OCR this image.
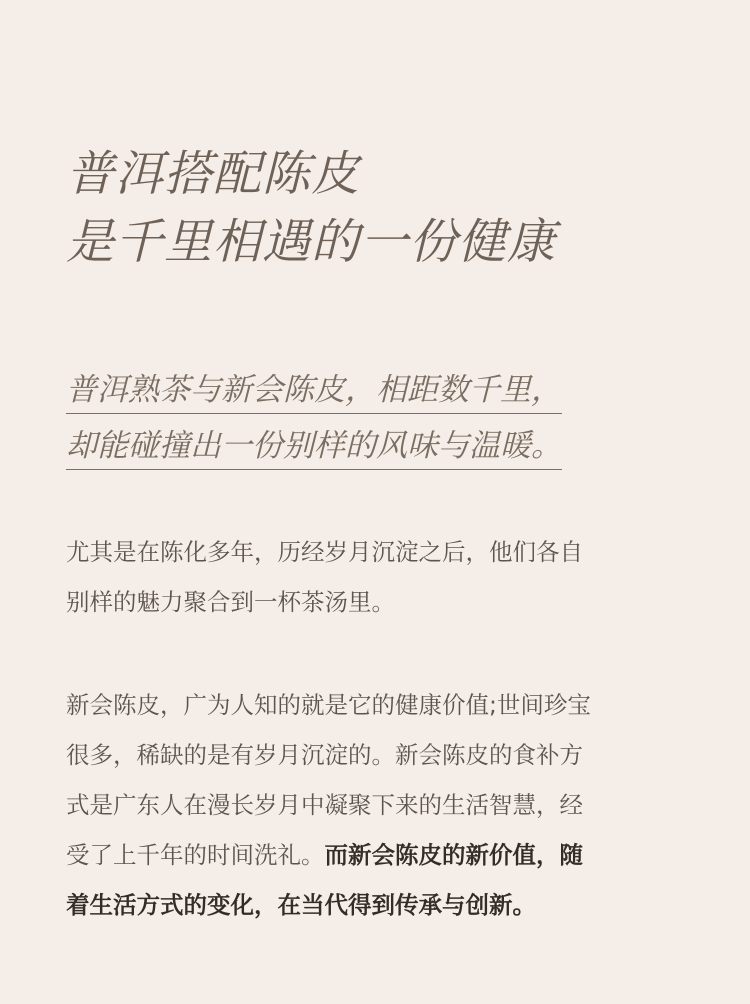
普洱搭配陈皮
是千里相遇的一份健康
普洱熟茶与新会陈皮，相距数千里，
却能碰撞出一份别样的风味与温暖。

尤其是在陈化多年，历经岁月沉淀之后，他们各自
别样的魅力聚合到一杯茶汤里。

新会陈皮，广为人知的就是它的健康价值;世间珍宝
很多，稀缺的是有岁月沉淀的。新会陈皮的食补方
式是广东人在漫长岁月中凝聚下来的生活智慧，经
受了上千年的时间洗礼。而新会陈皮的新价值，随
着生活方式的变化，在当代得到传承与创新。
